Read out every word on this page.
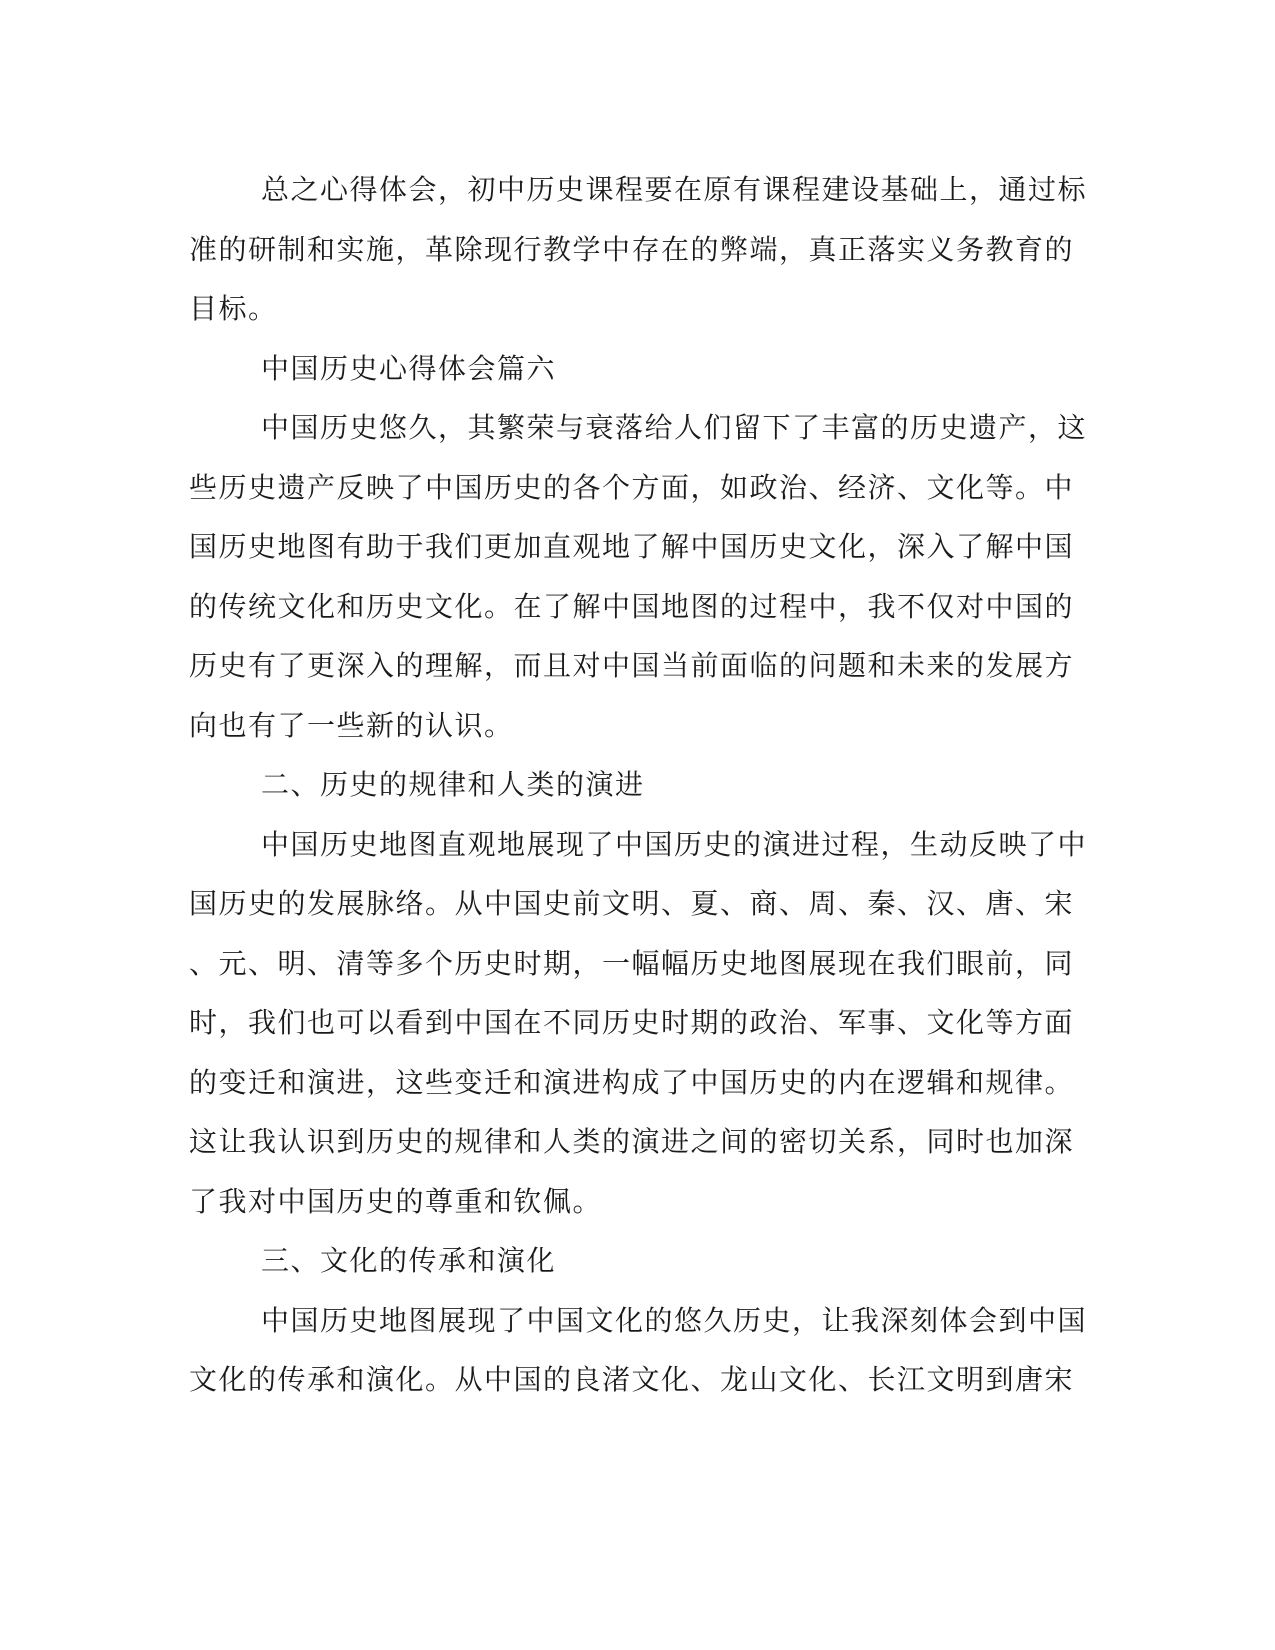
总之心得体会，初中历史课程要在原有课程建设基础上，通过标
准的研制和实施，革除现行教学中存在的弊端，真正落实义务教育的
目标。

中国历史心得体会篇六

中国历史悠久，其繁荣与衰落给人们留下了丰富的历史遗产，这
些历史遗产反映了中国历史的各个方面，如政治、经济、文化等。中
国历史地图有助于我们更加直观地了解中国历史文化，深入了解中国
的传统文化和历史文化。在了解中国地图的过程中，我不仅对中国的
历史有了更深入的理解，而且对中国当前面临的问题和未来的发展方
向也有了一些新的认识。

二、历史的规律和人类的演进

中国历史地图直观地展现了中国历史的演进过程，生动反映了中
国历史的发展脉络。从中国史前文明、夏、商、周、秦、汉、唐、宋
、元、明、清等多个历史时期，一幅幅历史地图展现在我们眼前，同
时，我们也可以看到中国在不同历史时期的政治、军事、文化等方面
的变迁和演进，这些变迁和演进构成了中国历史的内在逻辑和规律。
这让我认识到历史的规律和人类的演进之间的密切关系，同时也加深
了我对中国历史的尊重和钦佩。

三、文化的传承和演化

中国历史地图展现了中国文化的悠久历史，让我深刻体会到中国
文化的传承和演化。从中国的良渚文化、龙山文化、长江文明到唐宋
